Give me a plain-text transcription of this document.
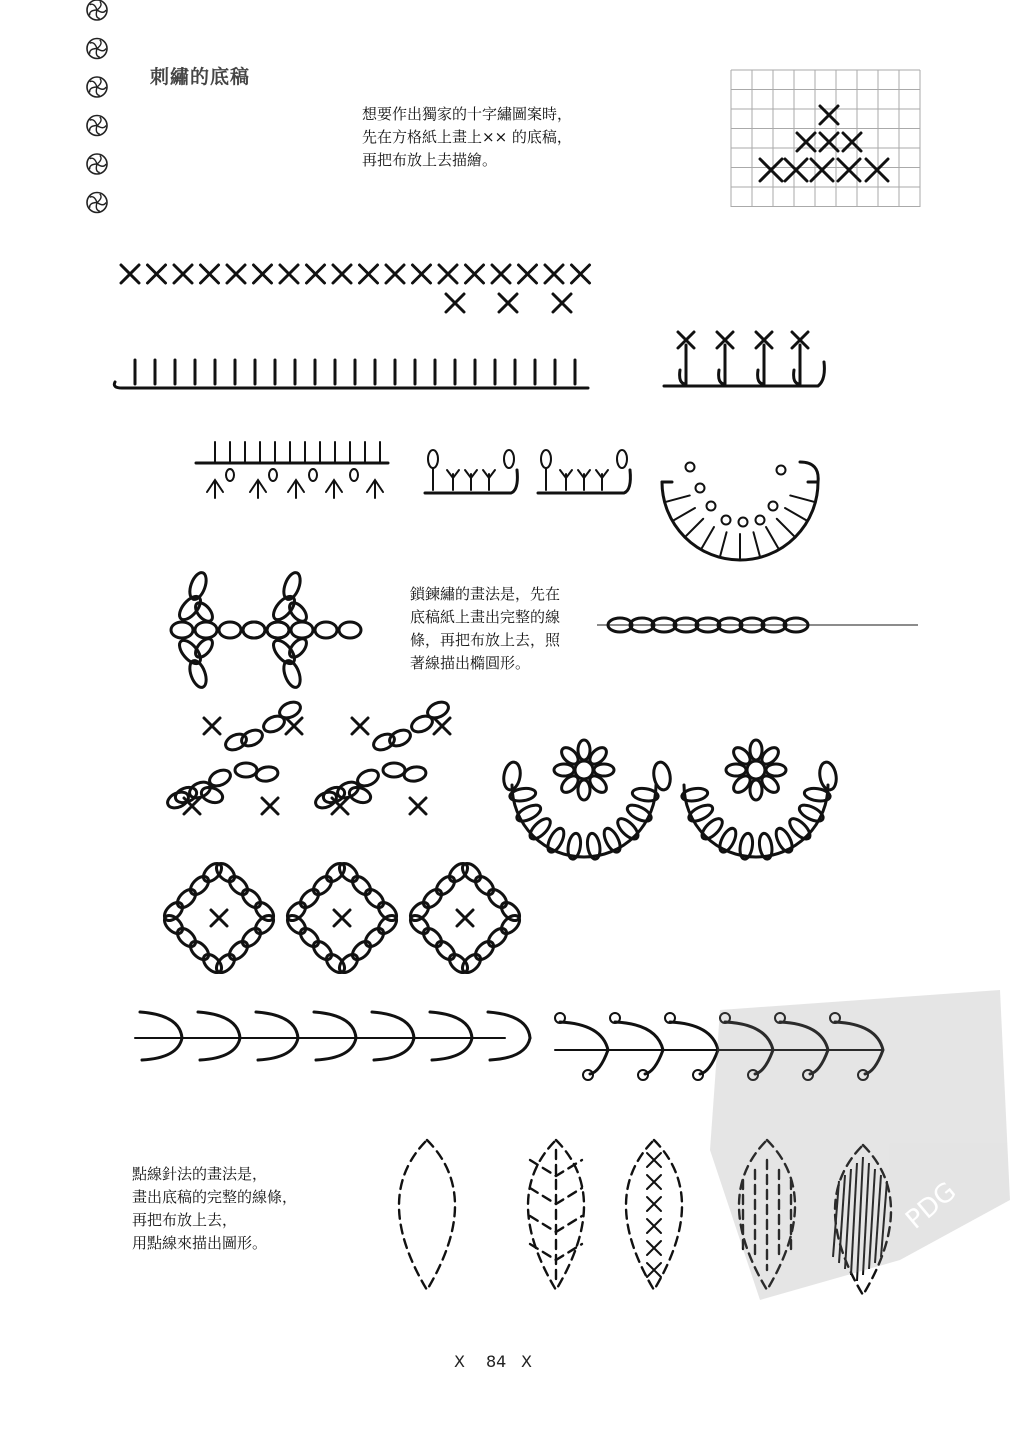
PDG
刺繡的底稿
想要作出獨家的十字繡圖案時，
先在方格紙上畫上×× 的底稿，
再把布放上去描繪。
鎖鍊繡的畫法是，先在
底稿紙上畫出完整的線
條，再把布放上去，照
著線描出橢圓形。
點線針法的畫法是，
畫出底稿的完整的線條，
再把布放上去，
用點線來描出圖形。
X 84 X
